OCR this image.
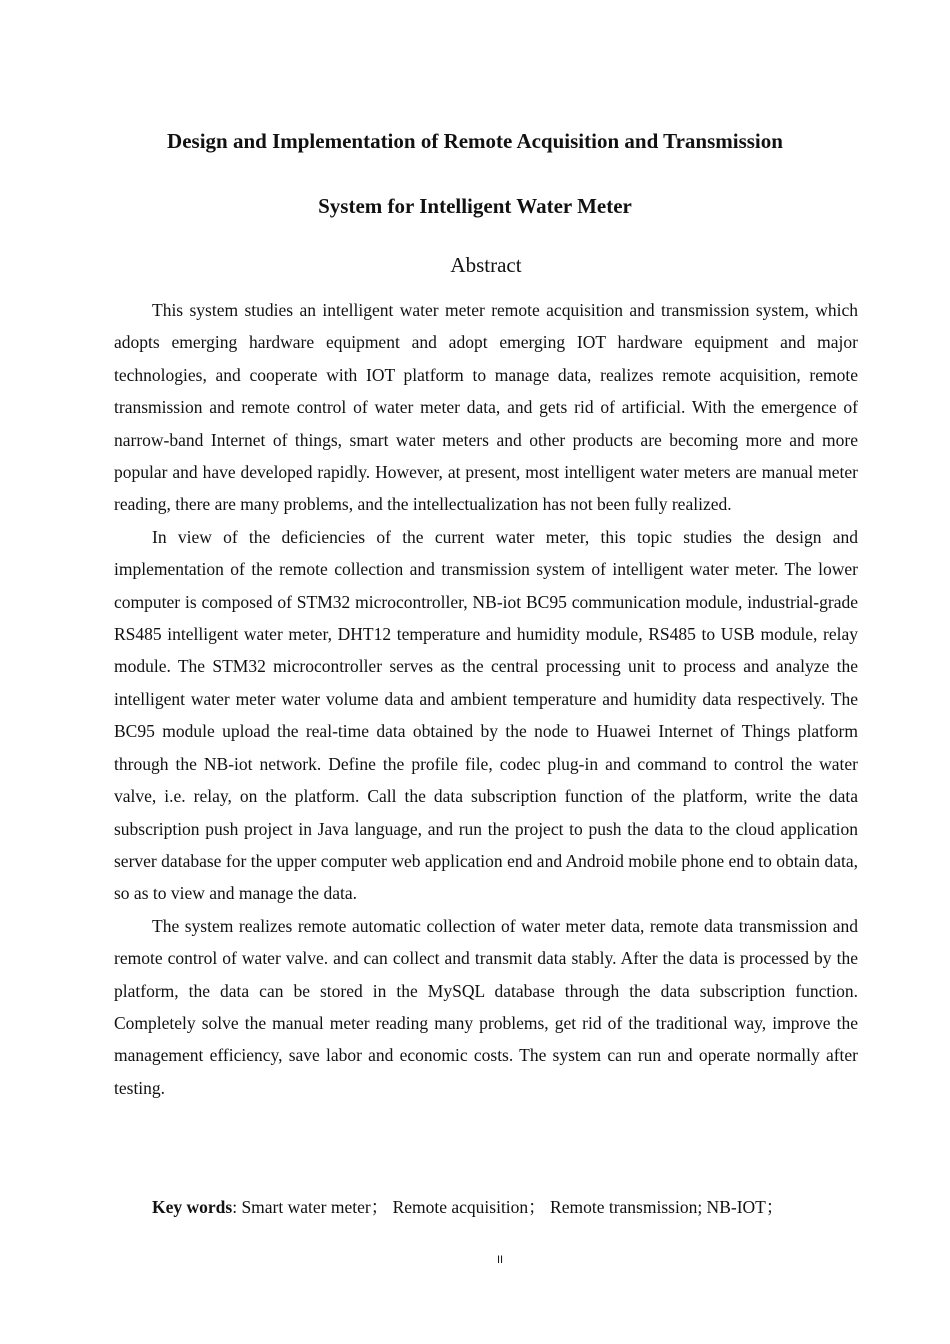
Design and Implementation of Remote Acquisition and Transmission
System for Intelligent Water Meter
Abstract

This system studies an intelligent water meter remote acquisition and transmission system, which adopts emerging hardware equipment and adopt emerging IOT hardware equipment and major technologies, and cooperate with IOT platform to manage data, realizes remote acquisition, remote transmission and remote control of water meter data, and gets rid of artificial. With the emergence of narrow-band Internet of things, smart water meters and other products are becoming more and more popular and have developed rapidly. However, at present, most intelligent water meters are manual meter reading, there are many problems, and the intellectualization has not been fully realized.

In view of the deficiencies of the current water meter, this topic studies the design and implementation of the remote collection and transmission system of intelligent water meter. The lower computer is composed of STM32 microcontroller, NB-iot BC95 communication module, industrial-grade RS485 intelligent water meter, DHT12 temperature and humidity module, RS485 to USB module, relay module. The STM32 microcontroller serves as the central processing unit to process and analyze the intelligent water meter water volume data and ambient temperature and humidity data respectively. The BC95 module upload the real-time data obtained by the node to Huawei Internet of Things platform through the NB-iot network. Define the profile file, codec plug-in and command to control the water valve, i.e. relay, on the platform. Call the data subscription function of the platform, write the data subscription push project in Java language, and run the project to push the data to the cloud application server database for the upper computer web application end and Android mobile phone end to obtain data, so as to view and manage the data.

The system realizes remote automatic collection of water meter data, remote data transmission and remote control of water valve. and can collect and transmit data stably. After the data is processed by the platform, the data can be stored in the MySQL database through the data subscription function. Completely solve the manual meter reading many problems, get rid of the traditional way, improve the management efficiency, save labor and economic costs. The system can run and operate normally after testing.

Key words: Smart water meter； Remote acquisition； Remote transmission; NB-IOT；

II
